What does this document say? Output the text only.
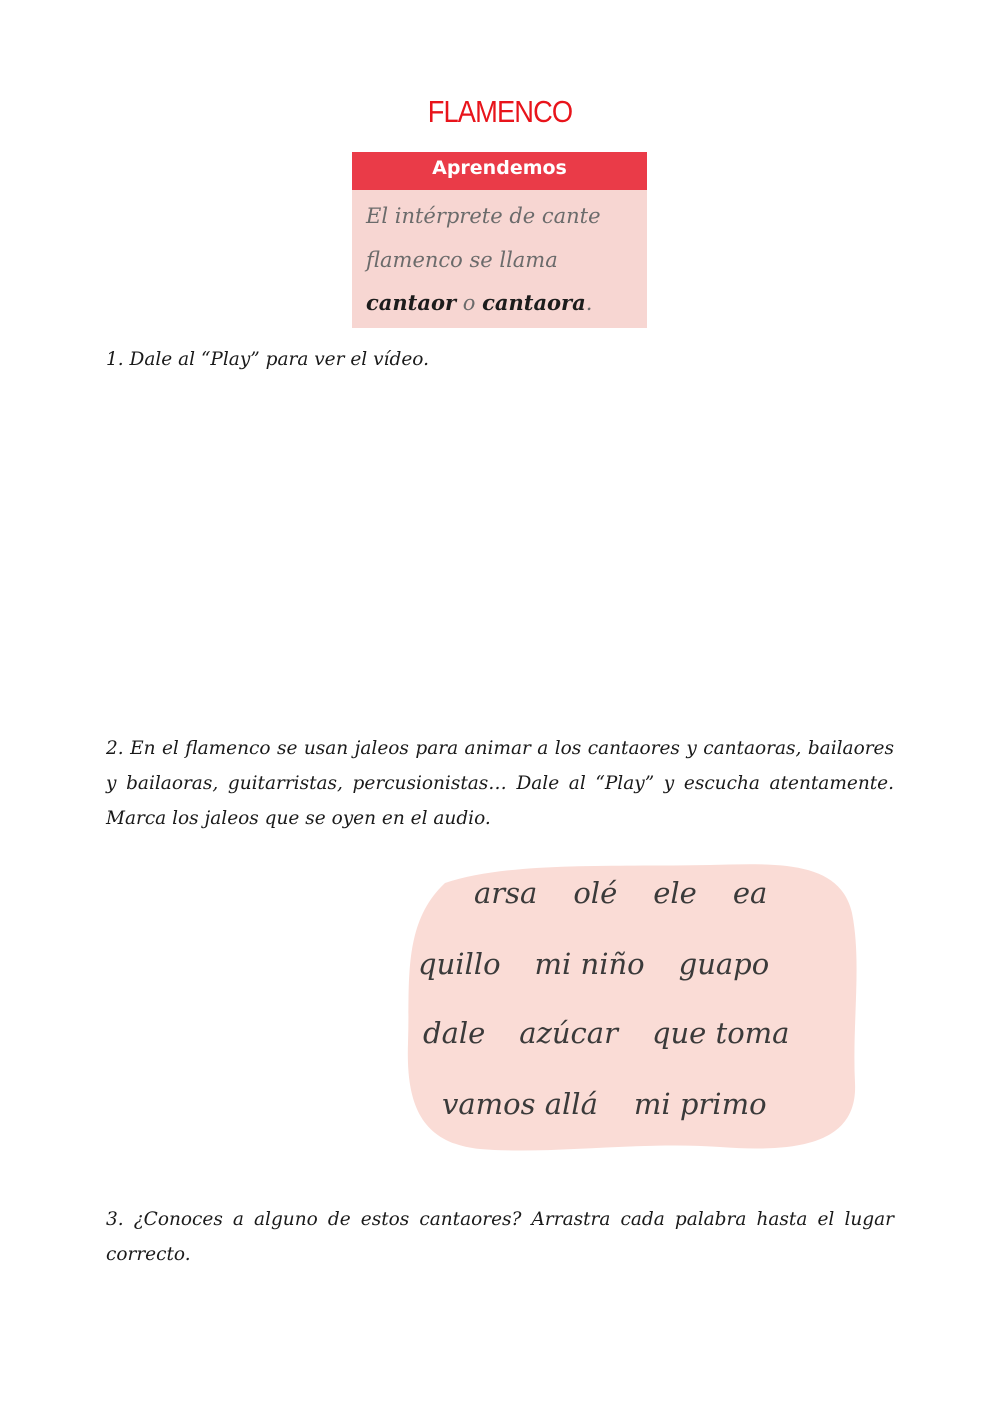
FLAMENCO
Aprendemos
El intérprete de cante
flamenco se llama
cantaor o cantaora.
1. Dale al “Play” para ver el vídeo.
2. En el flamenco se usan jaleos para animar a los cantaores y cantaoras, bailaores y bailaoras, guitarristas, percusionistas… Dale al “Play” y escucha atentamente. Marca los jaleos que se oyen en el audio.
arsa olé ele ea
quillo mi niño guapo
dale azúcar que toma
vamos allá mi primo
3. ¿Conoces a alguno de estos cantaores? Arrastra cada palabra hasta el lugar correcto.
